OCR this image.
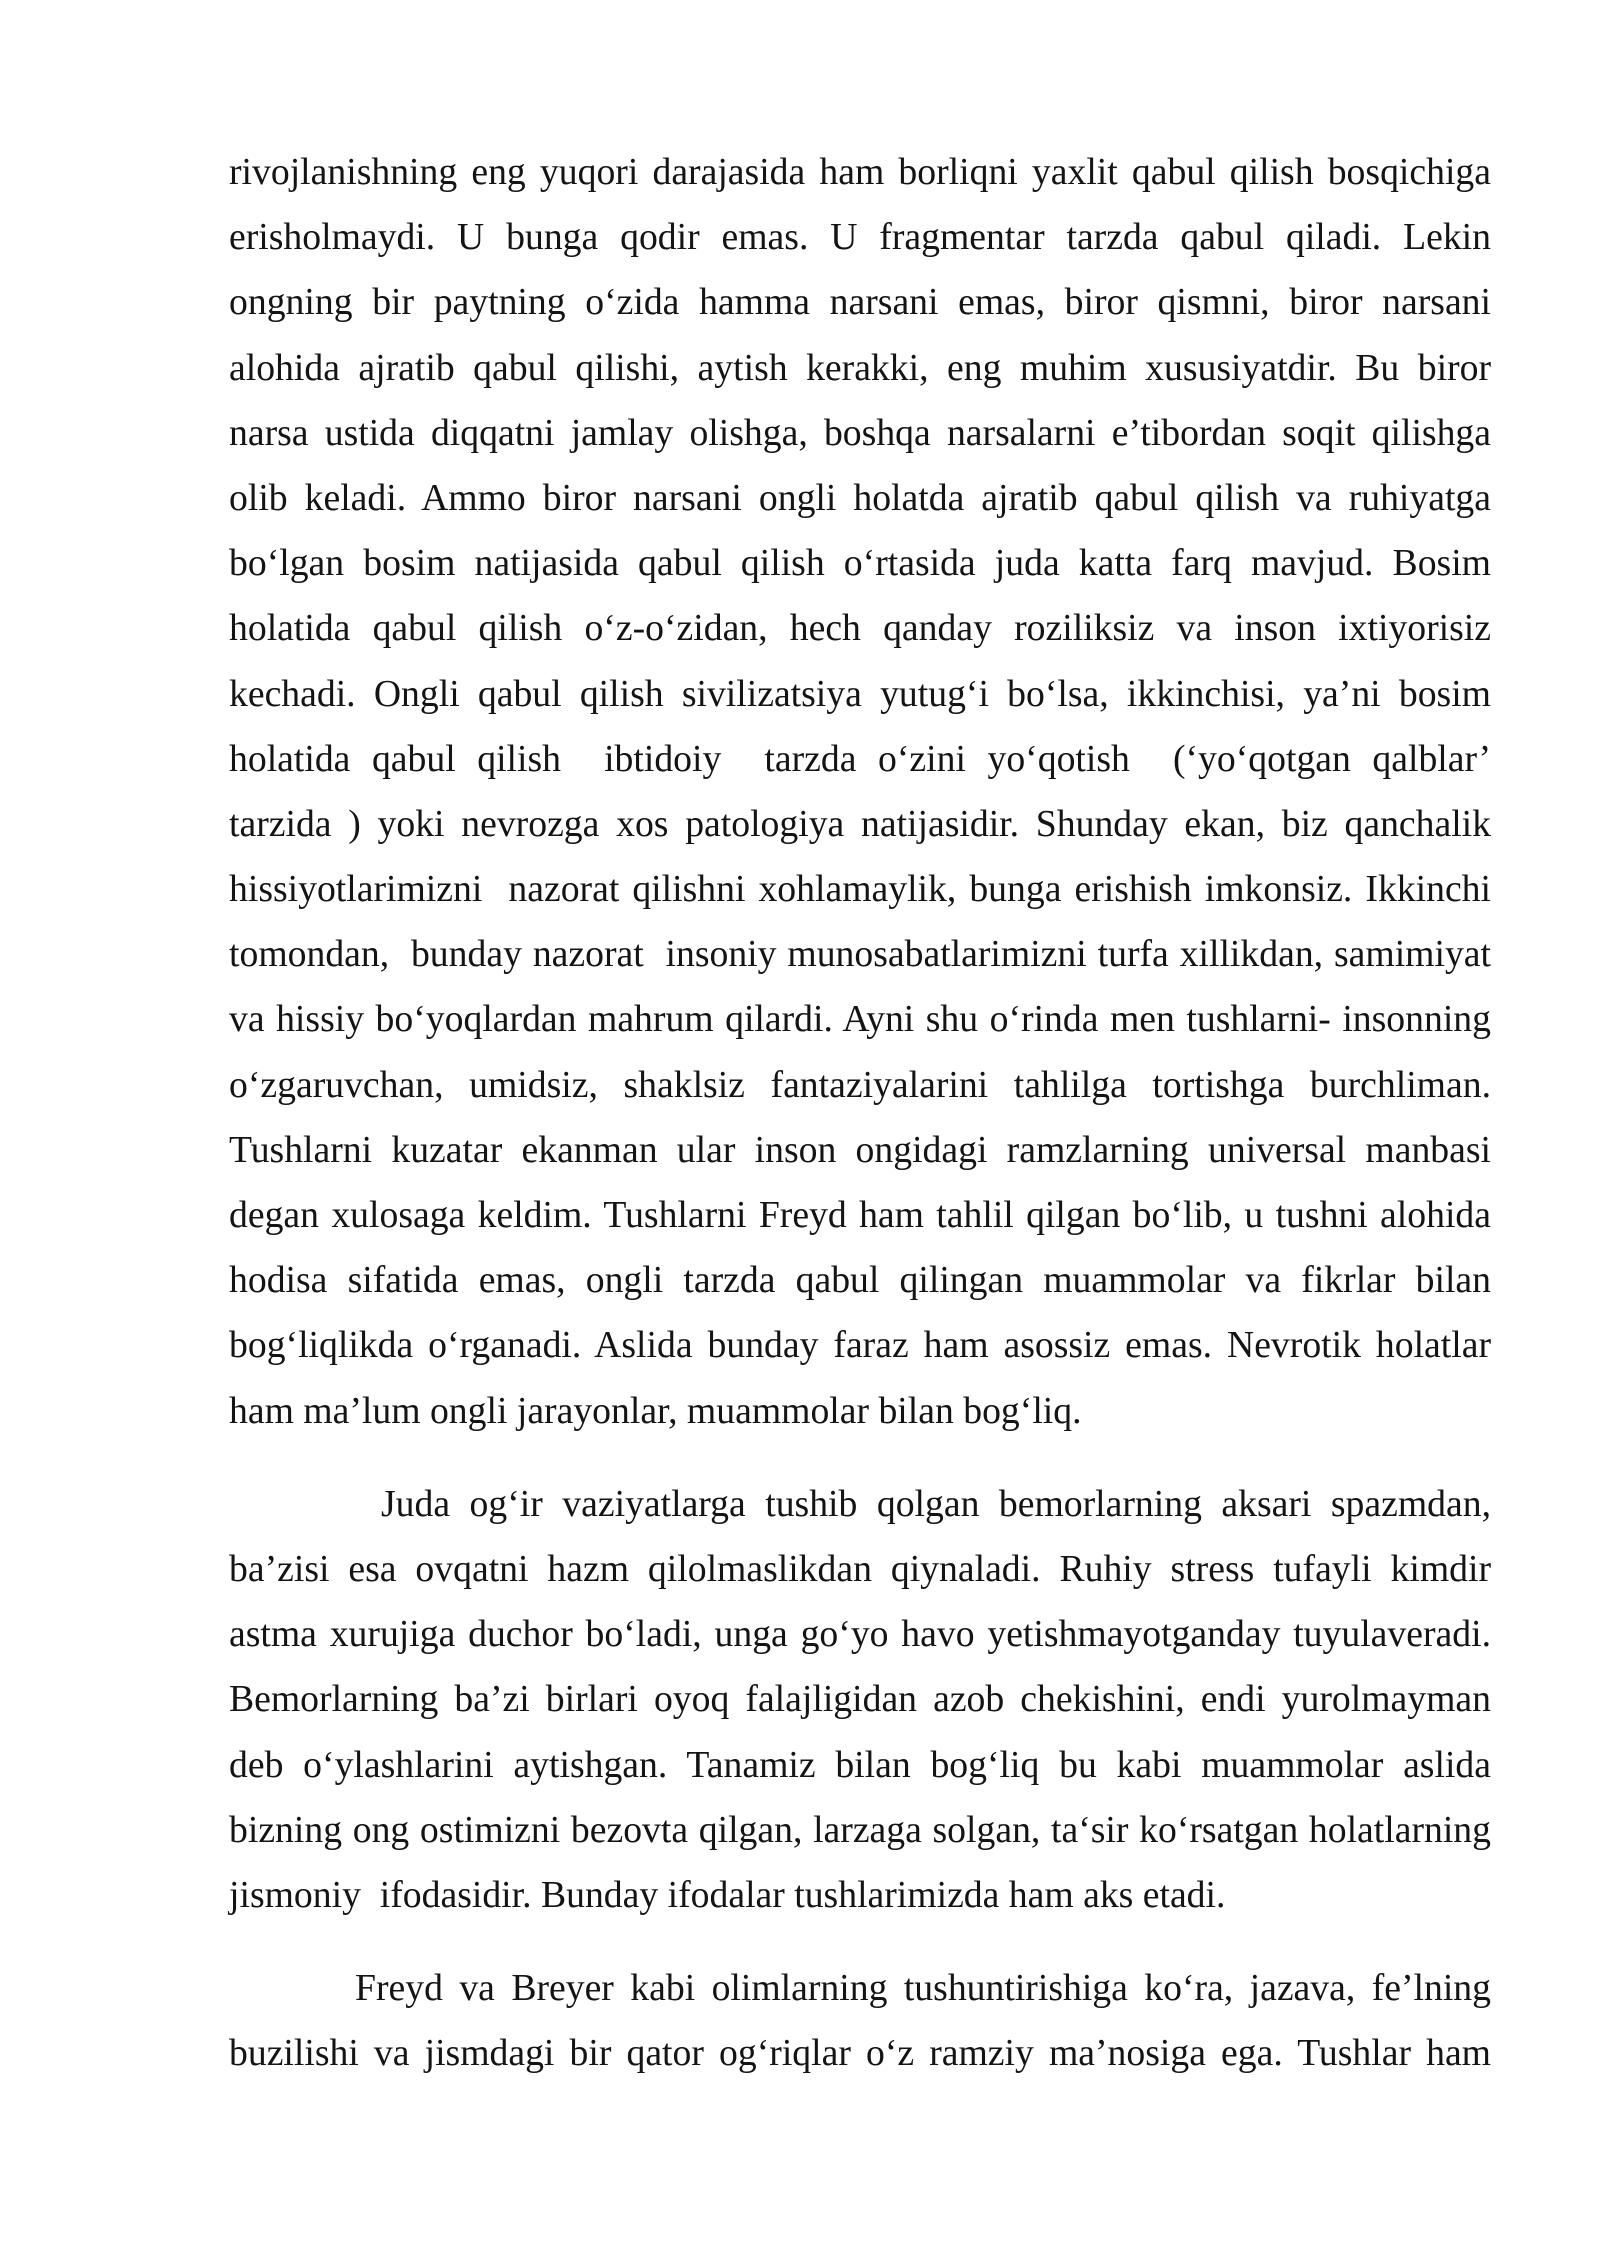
rivojlanishning eng yuqori darajasida ham borliqni yaxlit qabul qilish bosqichiga
erisholmaydi. U bunga qodir emas. U fragmentar tarzda qabul qiladi. Lekin
ongning bir paytning o‘zida hamma narsani emas, biror qismni, biror narsani
alohida ajratib qabul qilishi, aytish kerakki, eng muhim xususiyatdir. Bu biror
narsa ustida diqqatni jamlay olishga, boshqa narsalarni e’tibordan soqit qilishga
olib keladi. Ammo biror narsani ongli holatda ajratib qabul qilish va ruhiyatga
bo‘lgan bosim natijasida qabul qilish o‘rtasida juda katta farq mavjud. Bosim
holatida qabul qilish o‘z-o‘zidan, hech qanday roziliksiz va inson ixtiyorisiz
kechadi. Ongli qabul qilish sivilizatsiya yutug‘i bo‘lsa, ikkinchisi, ya’ni bosim
holatida qabul qilish  ibtidoiy  tarzda o‘zini yo‘qotish  (‘yo‘qotgan qalblar’
tarzida ) yoki nevrozga xos patologiya natijasidir. Shunday ekan, biz qanchalik
hissiyotlarimizni  nazorat qilishni xohlamaylik, bunga erishish imkonsiz. Ikkinchi
tomondan,  bunday nazorat  insoniy munosabatlarimizni turfa xillikdan, samimiyat
va hissiy bo‘yoqlardan mahrum qilardi. Ayni shu o‘rinda men tushlarni- insonning
o‘zgaruvchan, umidsiz, shaklsiz fantaziyalarini tahlilga tortishga burchliman.
Tushlarni kuzatar ekanman ular inson ongidagi ramzlarning universal manbasi
degan xulosaga keldim. Tushlarni Freyd ham tahlil qilgan bo‘lib, u tushni alohida
hodisa sifatida emas, ongli tarzda qabul qilingan muammolar va fikrlar bilan
bog‘liqlikda o‘rganadi. Aslida bunday faraz ham asossiz emas. Nevrotik holatlar
ham ma’lum ongli jarayonlar, muammolar bilan bog‘liq.
Juda og‘ir vaziyatlarga tushib qolgan bemorlarning aksari spazmdan,
ba’zisi esa ovqatni hazm qilolmaslikdan qiynaladi. Ruhiy stress tufayli kimdir
astma xurujiga duchor bo‘ladi, unga go‘yo havo yetishmayotganday tuyulaveradi.
Bemorlarning ba’zi birlari oyoq falajligidan azob chekishini, endi yurolmayman
deb o‘ylashlarini aytishgan. Tanamiz bilan bog‘liq bu kabi muammolar aslida
bizning ong ostimizni bezovta qilgan, larzaga solgan, ta‘sir ko‘rsatgan holatlarning
jismoniy  ifodasidir. Bunday ifodalar tushlarimizda ham aks etadi.
Freyd va Breyer kabi olimlarning tushuntirishiga ko‘ra, jazava, fe’lning
buzilishi va jismdagi bir qator og‘riqlar o‘z ramziy ma’nosiga ega. Tushlar ham
